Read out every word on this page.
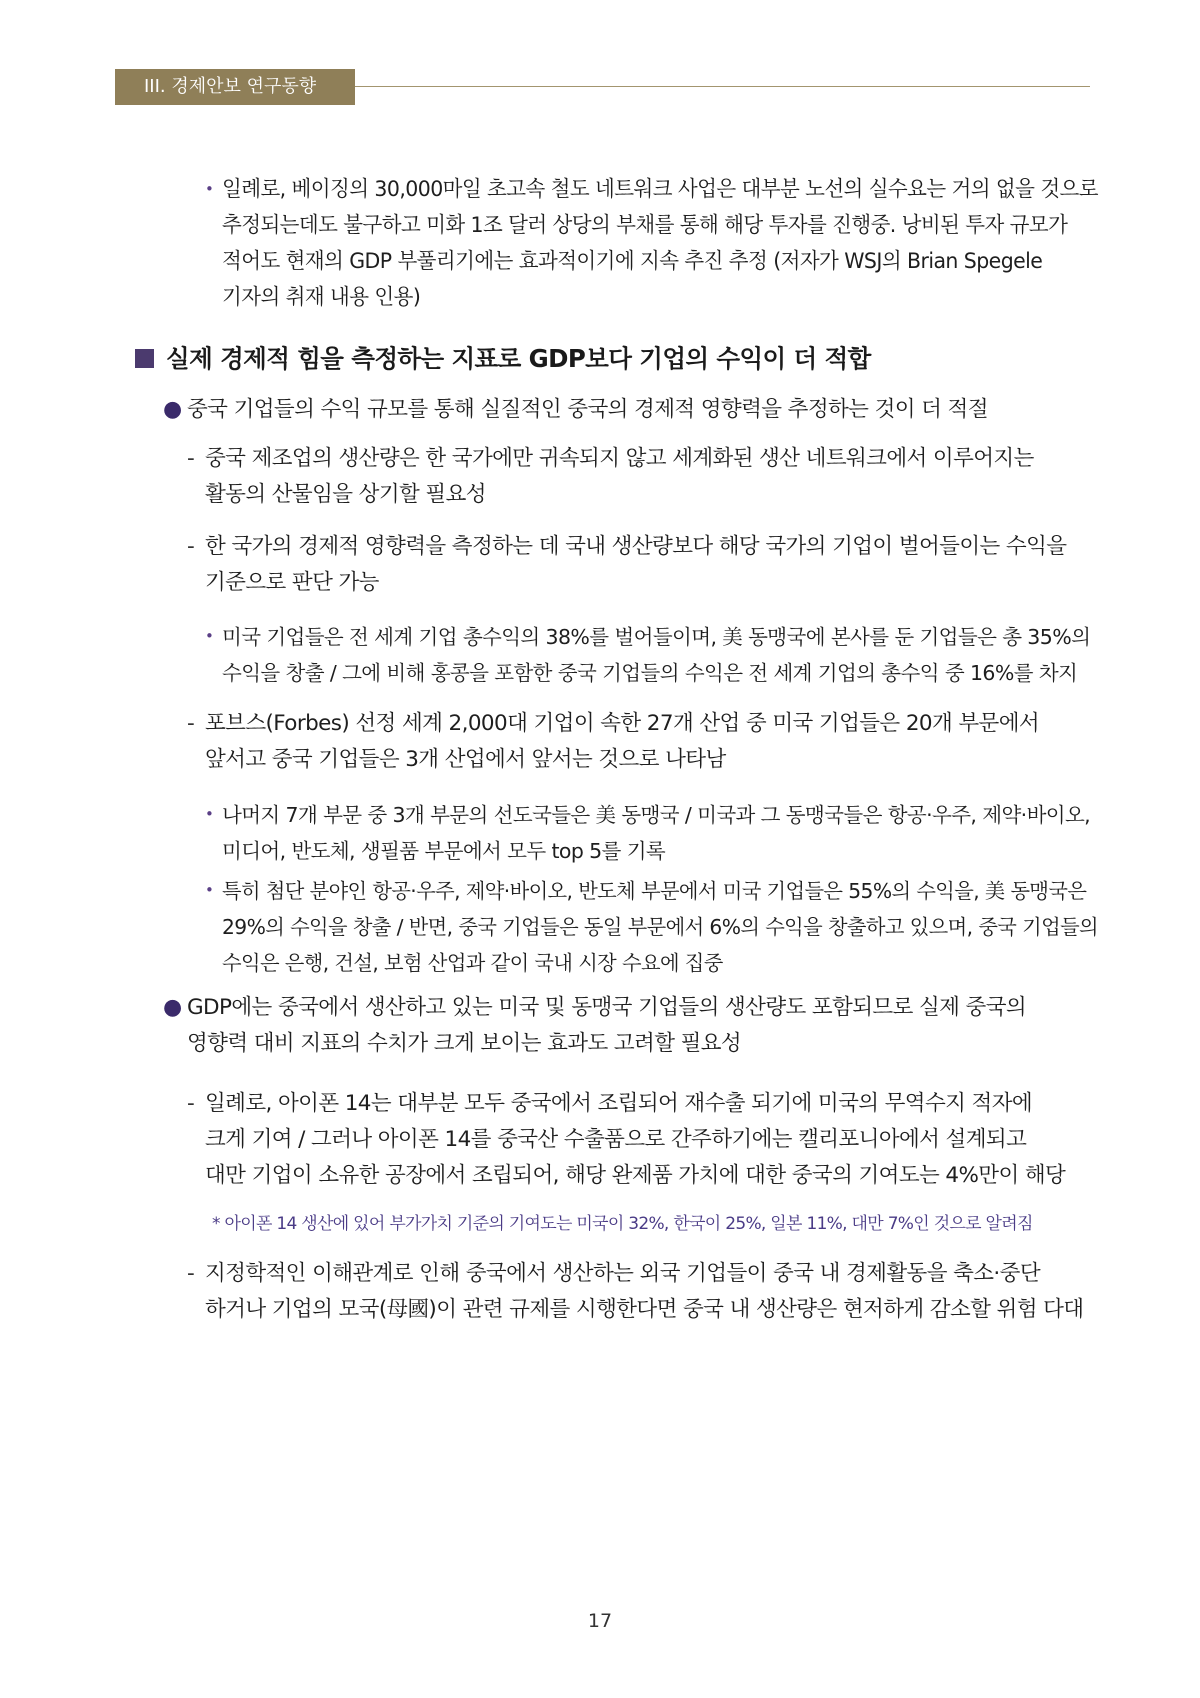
III. 경제안보 연구동향
• 일례로, 베이징의 30,000마일 초고속 철도 네트워크 사업은 대부분 노선의 실수요는 거의 없을 것으로
추정되는데도 불구하고 미화 1조 달러 상당의 부채를 통해 해당 투자를 진행중. 낭비된 투자 규모가
적어도 현재의 GDP 부풀리기에는 효과적이기에 지속 추진 추정 (저자가 WSJ의 Brian Spegele
기자의 취재 내용 인용)
실제 경제적 힘을 측정하는 지표로 GDP보다 기업의 수익이 더 적합
● 중국 기업들의 수익 규모를 통해 실질적인 중국의 경제적 영향력을 추정하는 것이 더 적절
- 중국 제조업의 생산량은 한 국가에만 귀속되지 않고 세계화된 생산 네트워크에서 이루어지는
활동의 산물임을 상기할 필요성
- 한 국가의 경제적 영향력을 측정하는 데 국내 생산량보다 해당 국가의 기업이 벌어들이는 수익을
기준으로 판단 가능
• 미국 기업들은 전 세계 기업 총수익의 38%를 벌어들이며, 美 동맹국에 본사를 둔 기업들은 총 35%의
수익을 창출 / 그에 비해 홍콩을 포함한 중국 기업들의 수익은 전 세계 기업의 총수익 중 16%를 차지
- 포브스(Forbes) 선정 세계 2,000대 기업이 속한 27개 산업 중 미국 기업들은 20개 부문에서
앞서고 중국 기업들은 3개 산업에서 앞서는 것으로 나타남
• 나머지 7개 부문 중 3개 부문의 선도국들은 美 동맹국 / 미국과 그 동맹국들은 항공·우주, 제약·바이오,
미디어, 반도체, 생필품 부문에서 모두 top 5를 기록
• 특히 첨단 분야인 항공·우주, 제약·바이오, 반도체 부문에서 미국 기업들은 55%의 수익을, 美 동맹국은
29%의 수익을 창출 / 반면, 중국 기업들은 동일 부문에서 6%의 수익을 창출하고 있으며, 중국 기업들의
수익은 은행, 건설, 보험 산업과 같이 국내 시장 수요에 집중
● GDP에는 중국에서 생산하고 있는 미국 및 동맹국 기업들의 생산량도 포함되므로 실제 중국의
영향력 대비 지표의 수치가 크게 보이는 효과도 고려할 필요성
- 일례로, 아이폰 14는 대부분 모두 중국에서 조립되어 재수출 되기에 미국의 무역수지 적자에
크게 기여 / 그러나 아이폰 14를 중국산 수출품으로 간주하기에는 캘리포니아에서 설계되고
대만 기업이 소유한 공장에서 조립되어, 해당 완제품 가치에 대한 중국의 기여도는 4%만이 해당
* 아이폰 14 생산에 있어 부가가치 기준의 기여도는 미국이 32%, 한국이 25%, 일본 11%, 대만 7%인 것으로 알려짐
- 지정학적인 이해관계로 인해 중국에서 생산하는 외국 기업들이 중국 내 경제활동을 축소·중단
하거나 기업의 모국(母國)이 관련 규제를 시행한다면 중국 내 생산량은 현저하게 감소할 위험 다대
17
